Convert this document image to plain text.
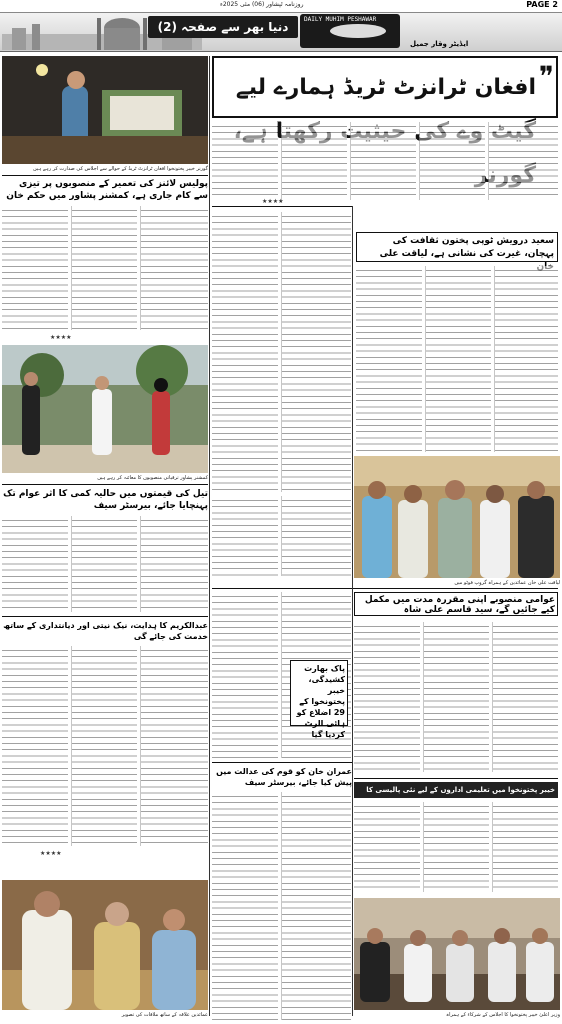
روزنامہ ٹپشاور (06) مئی 2025ء	PAGE 2
دنیا بھر سے صفحہ (2)
DAILY MUHIM PESHAWAR
ایڈیٹر وقار جمیل
گورنر خیبر پختونخوا افغان ٹرانزٹ ٹریڈ کے حوالے سے اجلاس کی صدارت کر رہے ہیں
❞
افغان ٹرانزٹ ٹریڈ ہمارے لیے
★★★★
پولیس لائنز کی تعمیر کے منصوبوں پر تیزی سے کام جاری ہے، کمشنر پشاور میں حکم خان
★★★★
سعید درویش ٹوپی پختون ثقافت کی پہچان، غیرت کی نشانی ہے، لیاقت علی
کمشنر پشاور ترقیاتی منصوبوں کا معائنہ کر رہے ہیں
تیل کی قیمتوں میں حالیہ کمی کا اثر عوام تک پہنچایا جائے، بیرسٹر سیف
لیاقت علی خان عمائدین کے ہمراہ گروپ فوٹو میں
عوامی منصوبے اپنی مقررہ مدت میں مکمل کیے جائیں گے، سید قاسم علی شاہ
پاک بھارت کشیدگی، خیبر پختونخوا کے 29 اضلاع کو ہائی الرٹ کردیا گیا
عبدالکریم کا ہدایت، نیک نیتی اور دیانتداری کے ساتھ خدمت کی جائے گی
★★★★
خیبر پختونخوا میں تعلیمی اداروں کے لیے نئی پالیسی کا
عمران خان کو قوم کی عدالت میں پیش کیا جائے، بیرسٹر سیف
عمائدین علاقہ کے ساتھ ملاقات کی تصویر	وزیر اعلیٰ خیبر پختونخوا کا اجلاس کے شرکاء کے ہمراہ
